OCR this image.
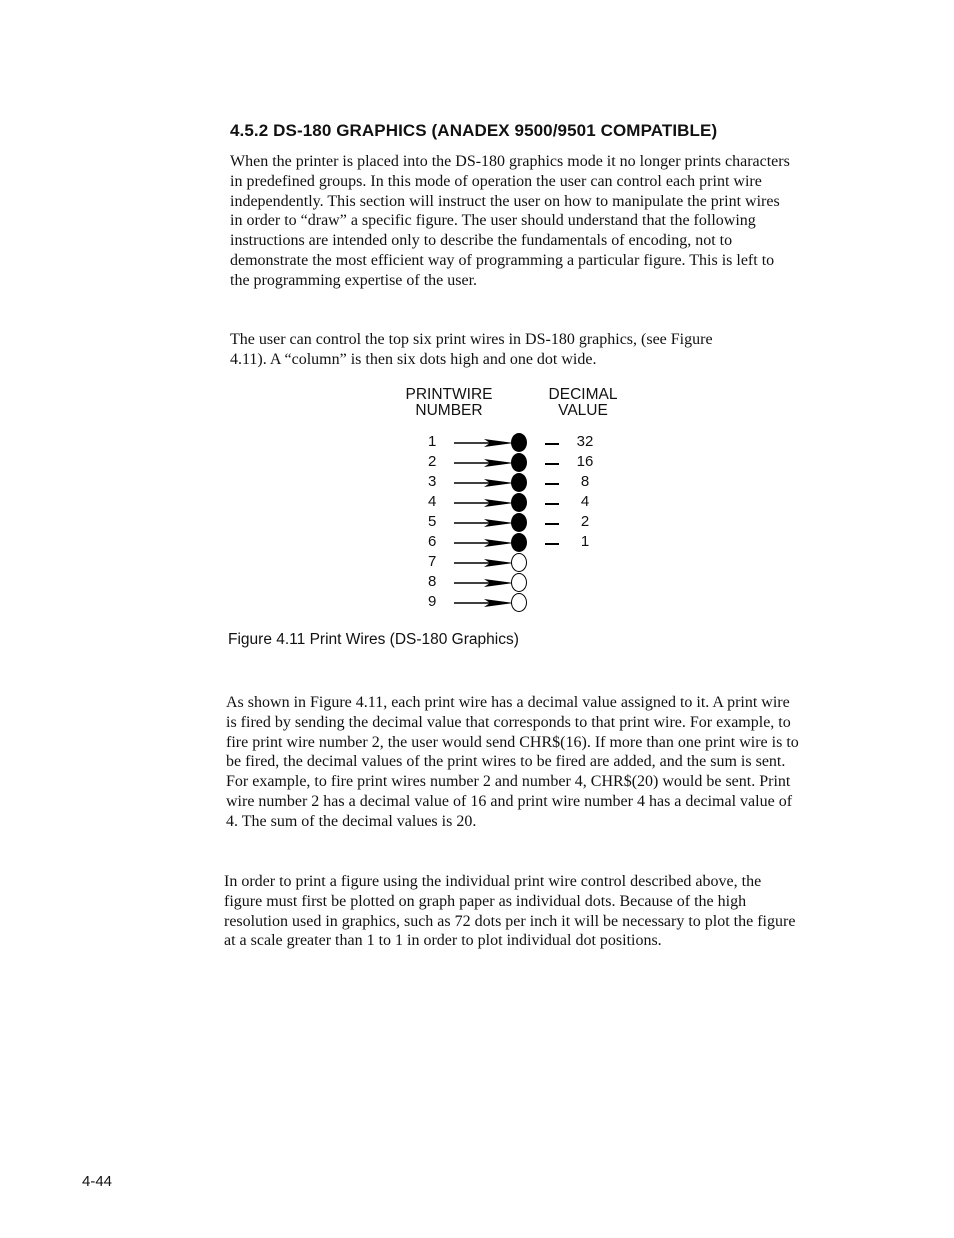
4.5.2 DS-180 GRAPHICS (ANADEX 9500/9501 COMPATIBLE)

When the printer is placed into the DS-180 graphics mode it no longer prints characters in predefined groups. In this mode of operation the user can control each print wire independently. This section will instruct the user on how to manipulate the print wires in order to “draw” a specific figure. The user should understand that the following instructions are intended only to describe the fundamentals of encoding, not to demonstrate the most efficient way of programming a particular figure. This is left to the programming expertise of the user.

The user can control the top six print wires in DS-180 graphics, (see Figure 4.11). A “column” is then six dots high and one dot wide.

PRINTWIRE
NUMBER
DECIMAL
VALUE
1	32
2	16
3	8
4	4
5	2
6	1
7
8
9

Figure 4.11 Print Wires (DS-180 Graphics)

As shown in Figure 4.11, each print wire has a decimal value assigned to it. A print wire is fired by sending the decimal value that corresponds to that print wire. For example, to fire print wire number 2, the user would send CHR$(16). If more than one print wire is to be fired, the decimal values of the print wires to be fired are added, and the sum is sent. For example, to fire print wires number 2 and number 4, CHR$(20) would be sent. Print wire number 2 has a decimal value of 16 and print wire number 4 has a decimal value of 4. The sum of the decimal values is 20.

In order to print a figure using the individual print wire control described above, the figure must first be plotted on graph paper as individual dots. Because of the high resolution used in graphics, such as 72 dots per inch it will be necessary to plot the figure at a scale greater than 1 to 1 in order to plot individual dot positions.

4-44
